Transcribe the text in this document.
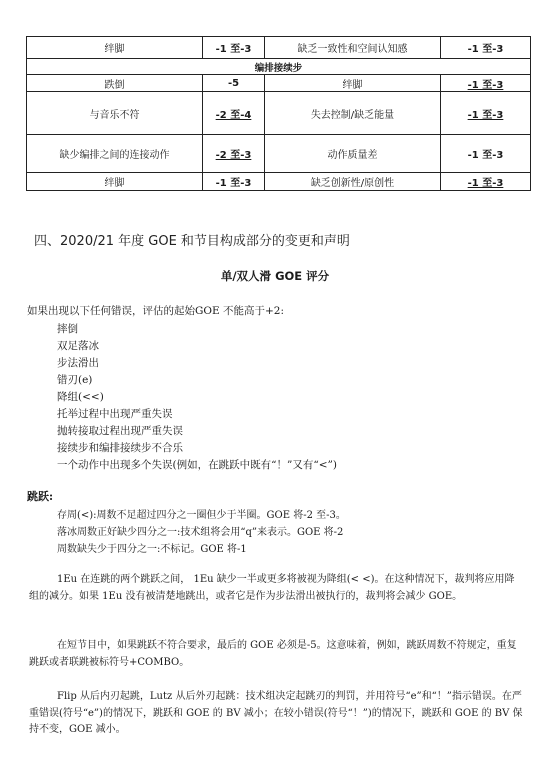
绊脚	-1 至-3	缺乏一致性和空间认知感	-1 至-3
编排接续步			
跌倒	-5	绊脚	-1 至-3
与音乐不符	-2 至-4	失去控制/缺乏能量	-1 至-3
缺少编排之间的连接动作	-2 至-3	动作质量差	-1 至-3
绊脚	-1 至-3	缺乏创新性/原创性	-1 至-3
四、2020/21 年度 GOE 和节目构成部分的变更和声明
单/双人滑 GOE 评分
如果出现以下任何错误，评估的起始GOE 不能高于+2:
摔倒
双足落冰
步法滑出
错刃(e)
降组(<<)
托举过程中出现严重失误
抛转接取过程出现严重失误
接续步和编排接续步不合乐
一个动作中出现多个失误(例如，在跳跃中既有“！”又有“<”)
跳跃:
存周(<):周数不足超过四分之一圈但少于半圈。GOE 将-2 至-3。
落冰周数正好缺少四分之一:技术组将会用“q”来表示。GOE 将-2
周数缺失少于四分之一:不标记。GOE 将-1
1Eu 在连跳的两个跳跃之间， 1Eu 缺少一半或更多将被视为降组(< <)。在这种情况下，裁判将应用降组的减分。如果 1Eu 没有被清楚地跳出，或者它是作为步法滑出被执行的，裁判将会减少 GOE。
在短节目中，如果跳跃不符合要求，最后的 GOE 必须是-5。这意味着，例如，跳跃周数不符规定，重复跳跃或者联跳被标符号+COMBO。
Flip 从后内刃起跳，Lutz 从后外刃起跳：技术组决定起跳刃的判罚，并用符号“e”和“！”指示错误。在严重错误(符号“e”)的情况下，跳跃和 GOE 的 BV 减小；在较小错误(符号“！”)的情况下，跳跃和 GOE 的 BV 保持不变，GOE 减小。
